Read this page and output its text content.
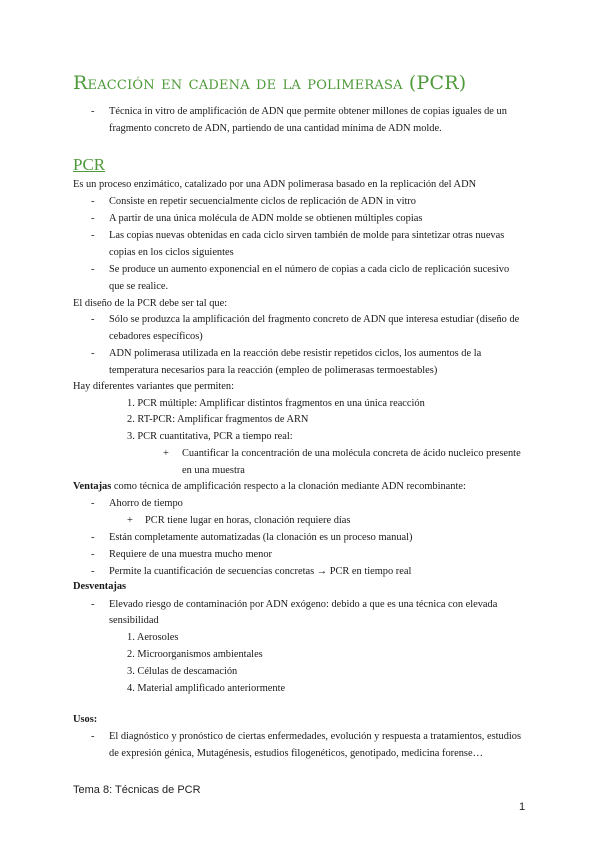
Reacción en cadena de la polimerasa (PCR)
- Técnica in vitro de amplificación de ADN que permite obtener millones de copias iguales de un
fragmento concreto de ADN, partiendo de una cantidad mínima de ADN molde.
PCR
Es un proceso enzimático, catalizado por una ADN polimerasa basado en la replicación del ADN
- Consiste en repetir secuencialmente ciclos de replicación de ADN in vitro
- A partir de una única molécula de ADN molde se obtienen múltiples copias
- Las copias nuevas obtenidas en cada ciclo sirven también de molde para sintetizar otras nuevas
copias en los ciclos siguientes
- Se produce un aumento exponencial en el número de copias a cada ciclo de replicación sucesivo
que se realice.
El diseño de la PCR debe ser tal que:
- Sólo se produzca la amplificación del fragmento concreto de ADN que interesa estudiar (diseño de
cebadores específicos)
- ADN polimerasa utilizada en la reacción debe resistir repetidos ciclos, los aumentos de la
temperatura necesarios para la reacción (empleo de polimerasas termoestables)
Hay diferentes variantes que permiten:
1. PCR múltiple: Amplificar distintos fragmentos en una única reacción
2. RT-PCR: Amplificar fragmentos de ARN
3. PCR cuantitativa, PCR a tiempo real:
+ Cuantificar la concentración de una molécula concreta de ácido nucleico presente
en una muestra
Ventajas como técnica de amplificación respecto a la clonación mediante ADN recombinante:
- Ahorro de tiempo
+ PCR tiene lugar en horas, clonación requiere días
- Están completamente automatizadas (la clonación es un proceso manual)
- Requiere de una muestra mucho menor
- Permite la cuantificación de secuencias concretas → PCR en tiempo real
Desventajas
- Elevado riesgo de contaminación por ADN exógeno: debido a que es una técnica con elevada
sensibilidad
1. Aerosoles
2. Microorganismos ambientales
3. Células de descamación
4. Material amplificado anteriormente
Usos:
- El diagnóstico y pronóstico de ciertas enfermedades, evolución y respuesta a tratamientos, estudios
de expresión génica, Mutagénesis, estudios filogenéticos, genotipado, medicina forense…
Tema 8: Técnicas de PCR
1
